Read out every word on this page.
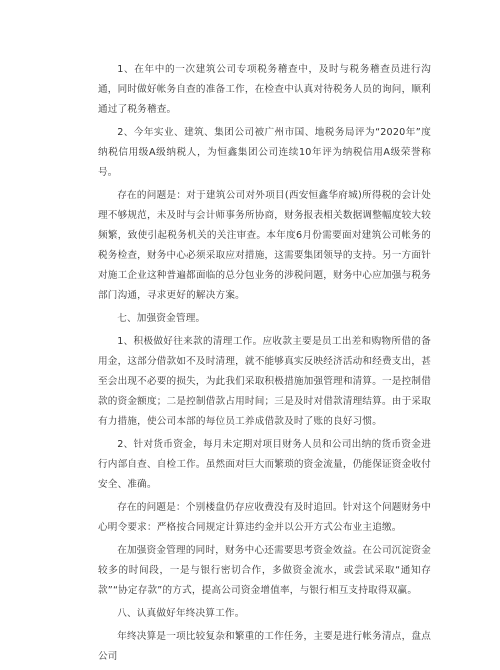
1、在年中的一次建筑公司专项税务稽查中，及时与税务稽查员进行沟通，同时做好帐务自查的准备工作，在检查中认真对待税务人员的询问，顺利通过了税务稽查。

2、今年实业、建筑、集团公司被广州市国、地税务局评为“2020年”度纳税信用级A级纳税人，为恒鑫集团公司连续10年评为纳税信用A级荣誉称号。

存在的问题是：对于建筑公司对外项目(西安恒鑫华府城)所得税的会计处理不够规范，未及时与会计师事务所协商，财务报表相关数据调整幅度较大较频繁，致使引起税务机关的关注审查。本年度6月份需要面对建筑公司帐务的税务检查，财务中心必须采取应对措施，这需要集团领导的支持。另一方面针对施工企业这种普遍都面临的总分包业务的涉税问题，财务中心应加强与税务部门沟通，寻求更好的解决方案。

七、加强资金管理。

1、积极做好往来款的清理工作。应收款主要是员工出差和购物所借的备用金，这部分借款如不及时清理，就不能够真实反映经济活动和经费支出，甚至会出现不必要的损失，为此我们采取积极措施加强管理和清算。一是控制借款的资金额度；二是控制借款占用时间；三是及时对借款清理结算。由于采取有力措施，使公司本部的每位员工养成借款及时了账的良好习惯。

2、针对货币资金，每月未定期对项目财务人员和公司出纳的货币资金进行内部自查、自检工作。虽然面对巨大而繁琐的资金流量，仍能保证资金收付安全、准确。

存在的问题是：个别楼盘仍存应收费没有及时追回。针对这个问题财务中心明令要求：严格按合同规定计算违约金并以公开方式公布业主追缴。

在加强资金管理的同时，财务中心还需要思考资金效益。在公司沉淀资金较多的时间段，一是与银行密切合作，多做资金流水，或尝试采取“通知存款”“协定存款”的方式，提高公司资金增值率，与银行相互支持取得双赢。

八、认真做好年终决算工作。

年终决算是一项比较复杂和繁重的工作任务，主要是进行帐务清点，盘点公司
